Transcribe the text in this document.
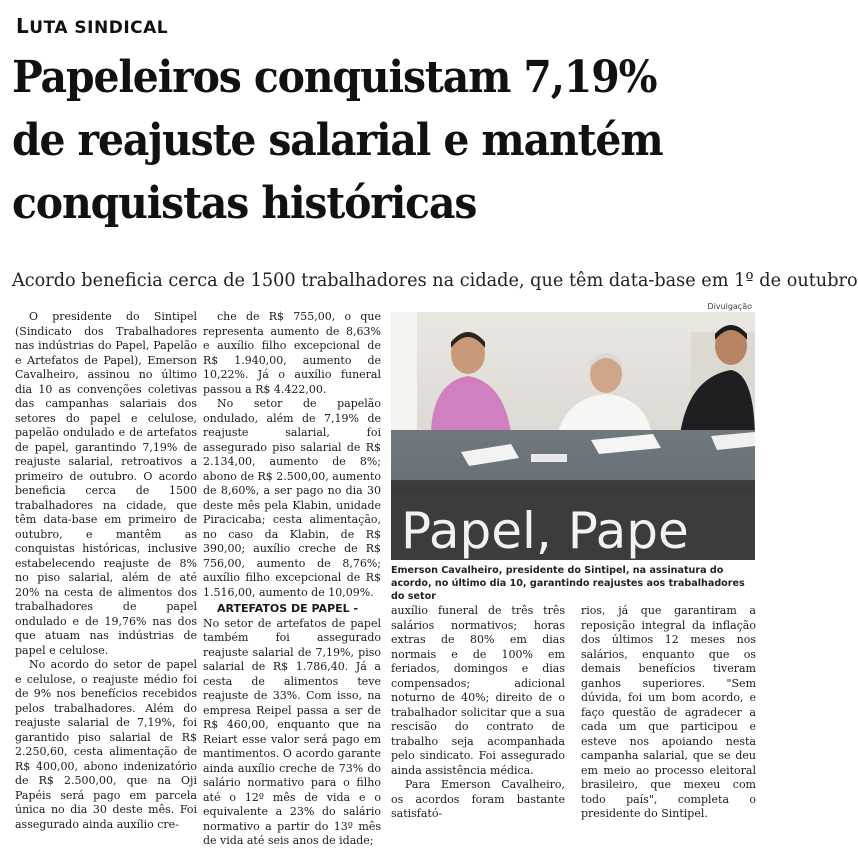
LUTA SINDICAL
Papeleiros conquistam 7,19%
de reajuste salarial e mantém
conquistas históricas
Acordo beneficia cerca de 1500 trabalhadores na cidade, que têm data-base em 1º de outubro
Divulgação

O presidente do Sintipel (Sindicato dos Trabalhadores nas indústrias do Papel, Papelão e Artefatos de Papel), Emerson Cavalheiro, assinou no último dia 10 as convenções coletivas das campanhas salariais dos setores do papel e celulose, papelão ondulado e de artefatos de papel, garantindo 7,19% de reajuste salarial, retroativos a primeiro de outubro. O acordo beneficia cerca de 1500 trabalhadores na cidade, que têm data-base em primeiro de outubro, e mantêm as conquistas históricas, inclusive estabelecendo reajuste de 8% no piso salarial, além de até 20% na cesta de alimentos dos trabalhadores de papel ondulado e de 19,76% nas dos que atuam nas indústrias de papel e celulose.

No acordo do setor de papel e celulose, o reajuste médio foi de 9% nos benefícios recebidos pelos trabalhadores. Além do reajuste salarial de 7,19%, foi garantido piso salarial de R$ 2.250,60, cesta alimentação de R$ 400,00, abono indenizatório de R$ 2.500,00, que na Oji Papéis será pago em parcela única no dia 30 deste mês. Foi assegurado ainda auxílio cre-

che de R$ 755,00, o que representa aumento de 8,63% e auxílio filho excepcional de R$ 1.940,00, aumento de 10,22%. Já o auxílio funeral passou a R$ 4.422,00.

No setor de papelão ondulado, além de 7,19% de reajuste salarial, foi assegurado piso salarial de R$ 2.134,00, aumento de 8%; abono de R$ 2.500,00, aumento de 8,60%, a ser pago no dia 30 deste mês pela Klabin, unidade Piracicaba; cesta alimentação, no caso da Klabin, de R$ 390,00; auxílio creche de R$ 756,00, aumento de 8,76%; auxílio filho excepcional de R$ 1.516,00, aumento de 10,09%.

ARTEFATOS DE PAPEL -

No setor de artefatos de papel também foi assegurado reajuste salarial de 7,19%, piso salarial de R$ 1.786,40. Já a cesta de alimentos teve reajuste de 33%. Com isso, na empresa Reipel passa a ser de R$ 460,00, enquanto que na Reiart esse valor será pago em mantimentos. O acordo garante ainda auxílio creche de 73% do salário normativo para o filho até o 12º mês de vida e o equivalente a 23% do salário normativo a partir do 13º mês de vida até seis anos de idade;

Papel, Pape
Emerson Cavalheiro, presidente do Sintipel, na assinatura do acordo, no último dia 10, garantindo reajustes aos trabalhadores do setor

auxílio funeral de três três salários normativos; horas extras de 80% em dias normais e de 100% em feriados, domingos e dias compensados; adicional noturno de 40%; direito de o trabalhador solicitar que a sua rescisão do contrato de trabalho seja acompanhada pelo sindicato. Foi assegurado ainda assistência médica.

Para Emerson Cavalheiro, os acordos foram bastante satisfató-

rios, já que garantiram a reposição integral da inflação dos últimos 12 meses nos salários, enquanto que os demais benefícios tiveram ganhos superiores. "Sem dúvida, foi um bom acordo, e faço questão de agradecer a cada um que participou e esteve nos apoiando nesta campanha salarial, que se deu em meio ao processo eleitoral brasileiro, que mexeu com todo país", completa o presidente do Sintipel.
